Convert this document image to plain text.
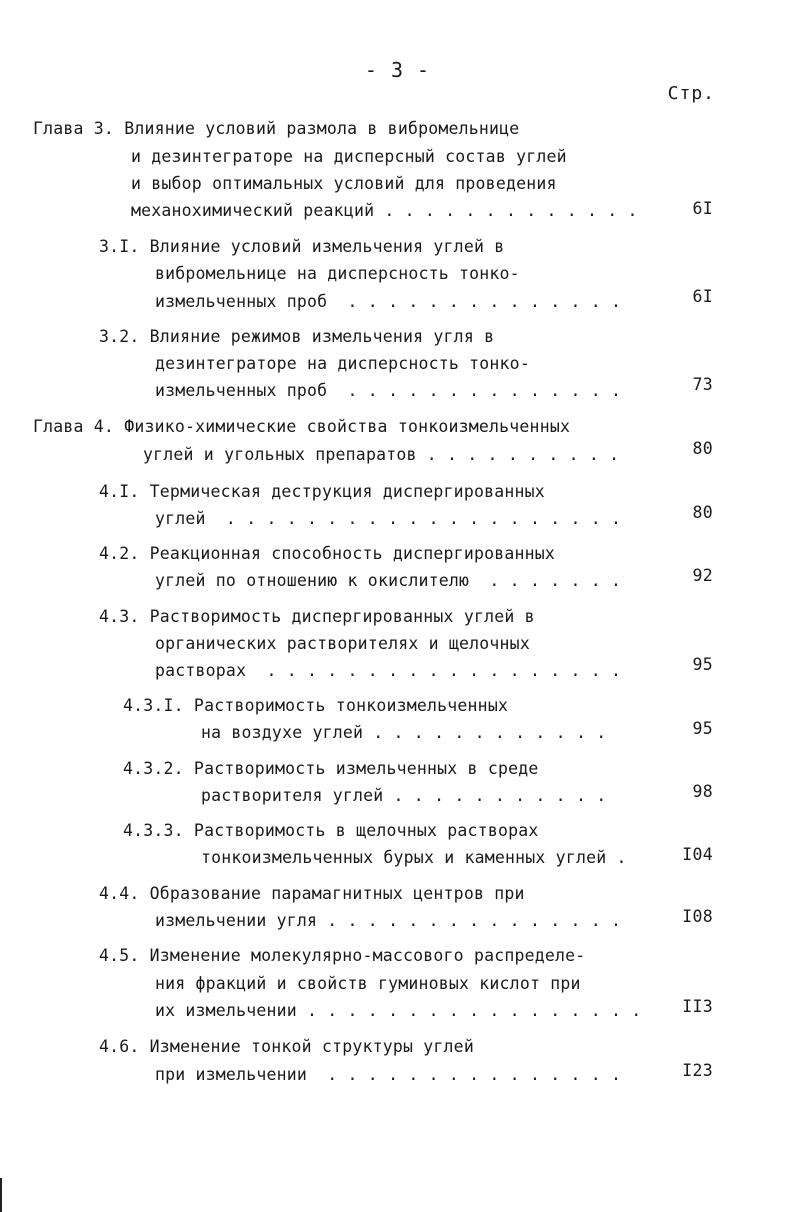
- 3 -
Стр.
Глава 3. Влияние условий размола в вибромельнице
и дезинтеграторе на дисперсный состав углей
и выбор оптимальных условий для проведения
механохимический реакций . . . . . . . . . . . . .	6I
3.I. Влияние условий измельчения углей в
вибромельнице на дисперсность тонко-
измельченных проб  . . . . . . . . . . . . . .	6I
3.2. Влияние режимов измельчения угля в
дезинтеграторе на дисперсность тонко-
измельченных проб  . . . . . . . . . . . . . .	73
Глава 4. Физико-химические свойства тонкоизмельченных
углей и угольных препаратов . . . . . . . . . .	80
4.I. Термическая деструкция диспергированных
углей  . . . . . . . . . . . . . . . . . . . .	80
4.2. Реакционная способность диспергированных
углей по отношению к окислителю  . . . . . . .	92
4.3. Растворимость диспергированных углей в
органических растворителях и щелочных
растворах  . . . . . . . . . . . . . . . . . .	95
4.3.I. Растворимость тонкоизмельченных
на воздухе углей . . . . . . . . . . . .	95
4.3.2. Растворимость измельченных в среде
растворителя углей . . . . . . . . . . .	98
4.3.3. Растворимость в щелочных растворах
тонкоизмельченных бурых и каменных углей .	I04
4.4. Образование парамагнитных центров при
измельчении угля . . . . . . . . . . . . . . .	I08
4.5. Изменение молекулярно-массового распределе-
ния фракций и свойств гуминовых кислот при
их измельчении . . . . . . . . . . . . . . . . .	II3
4.6. Изменение тонкой структуры углей
при измельчении  . . . . . . . . . . . . . . .	I23
